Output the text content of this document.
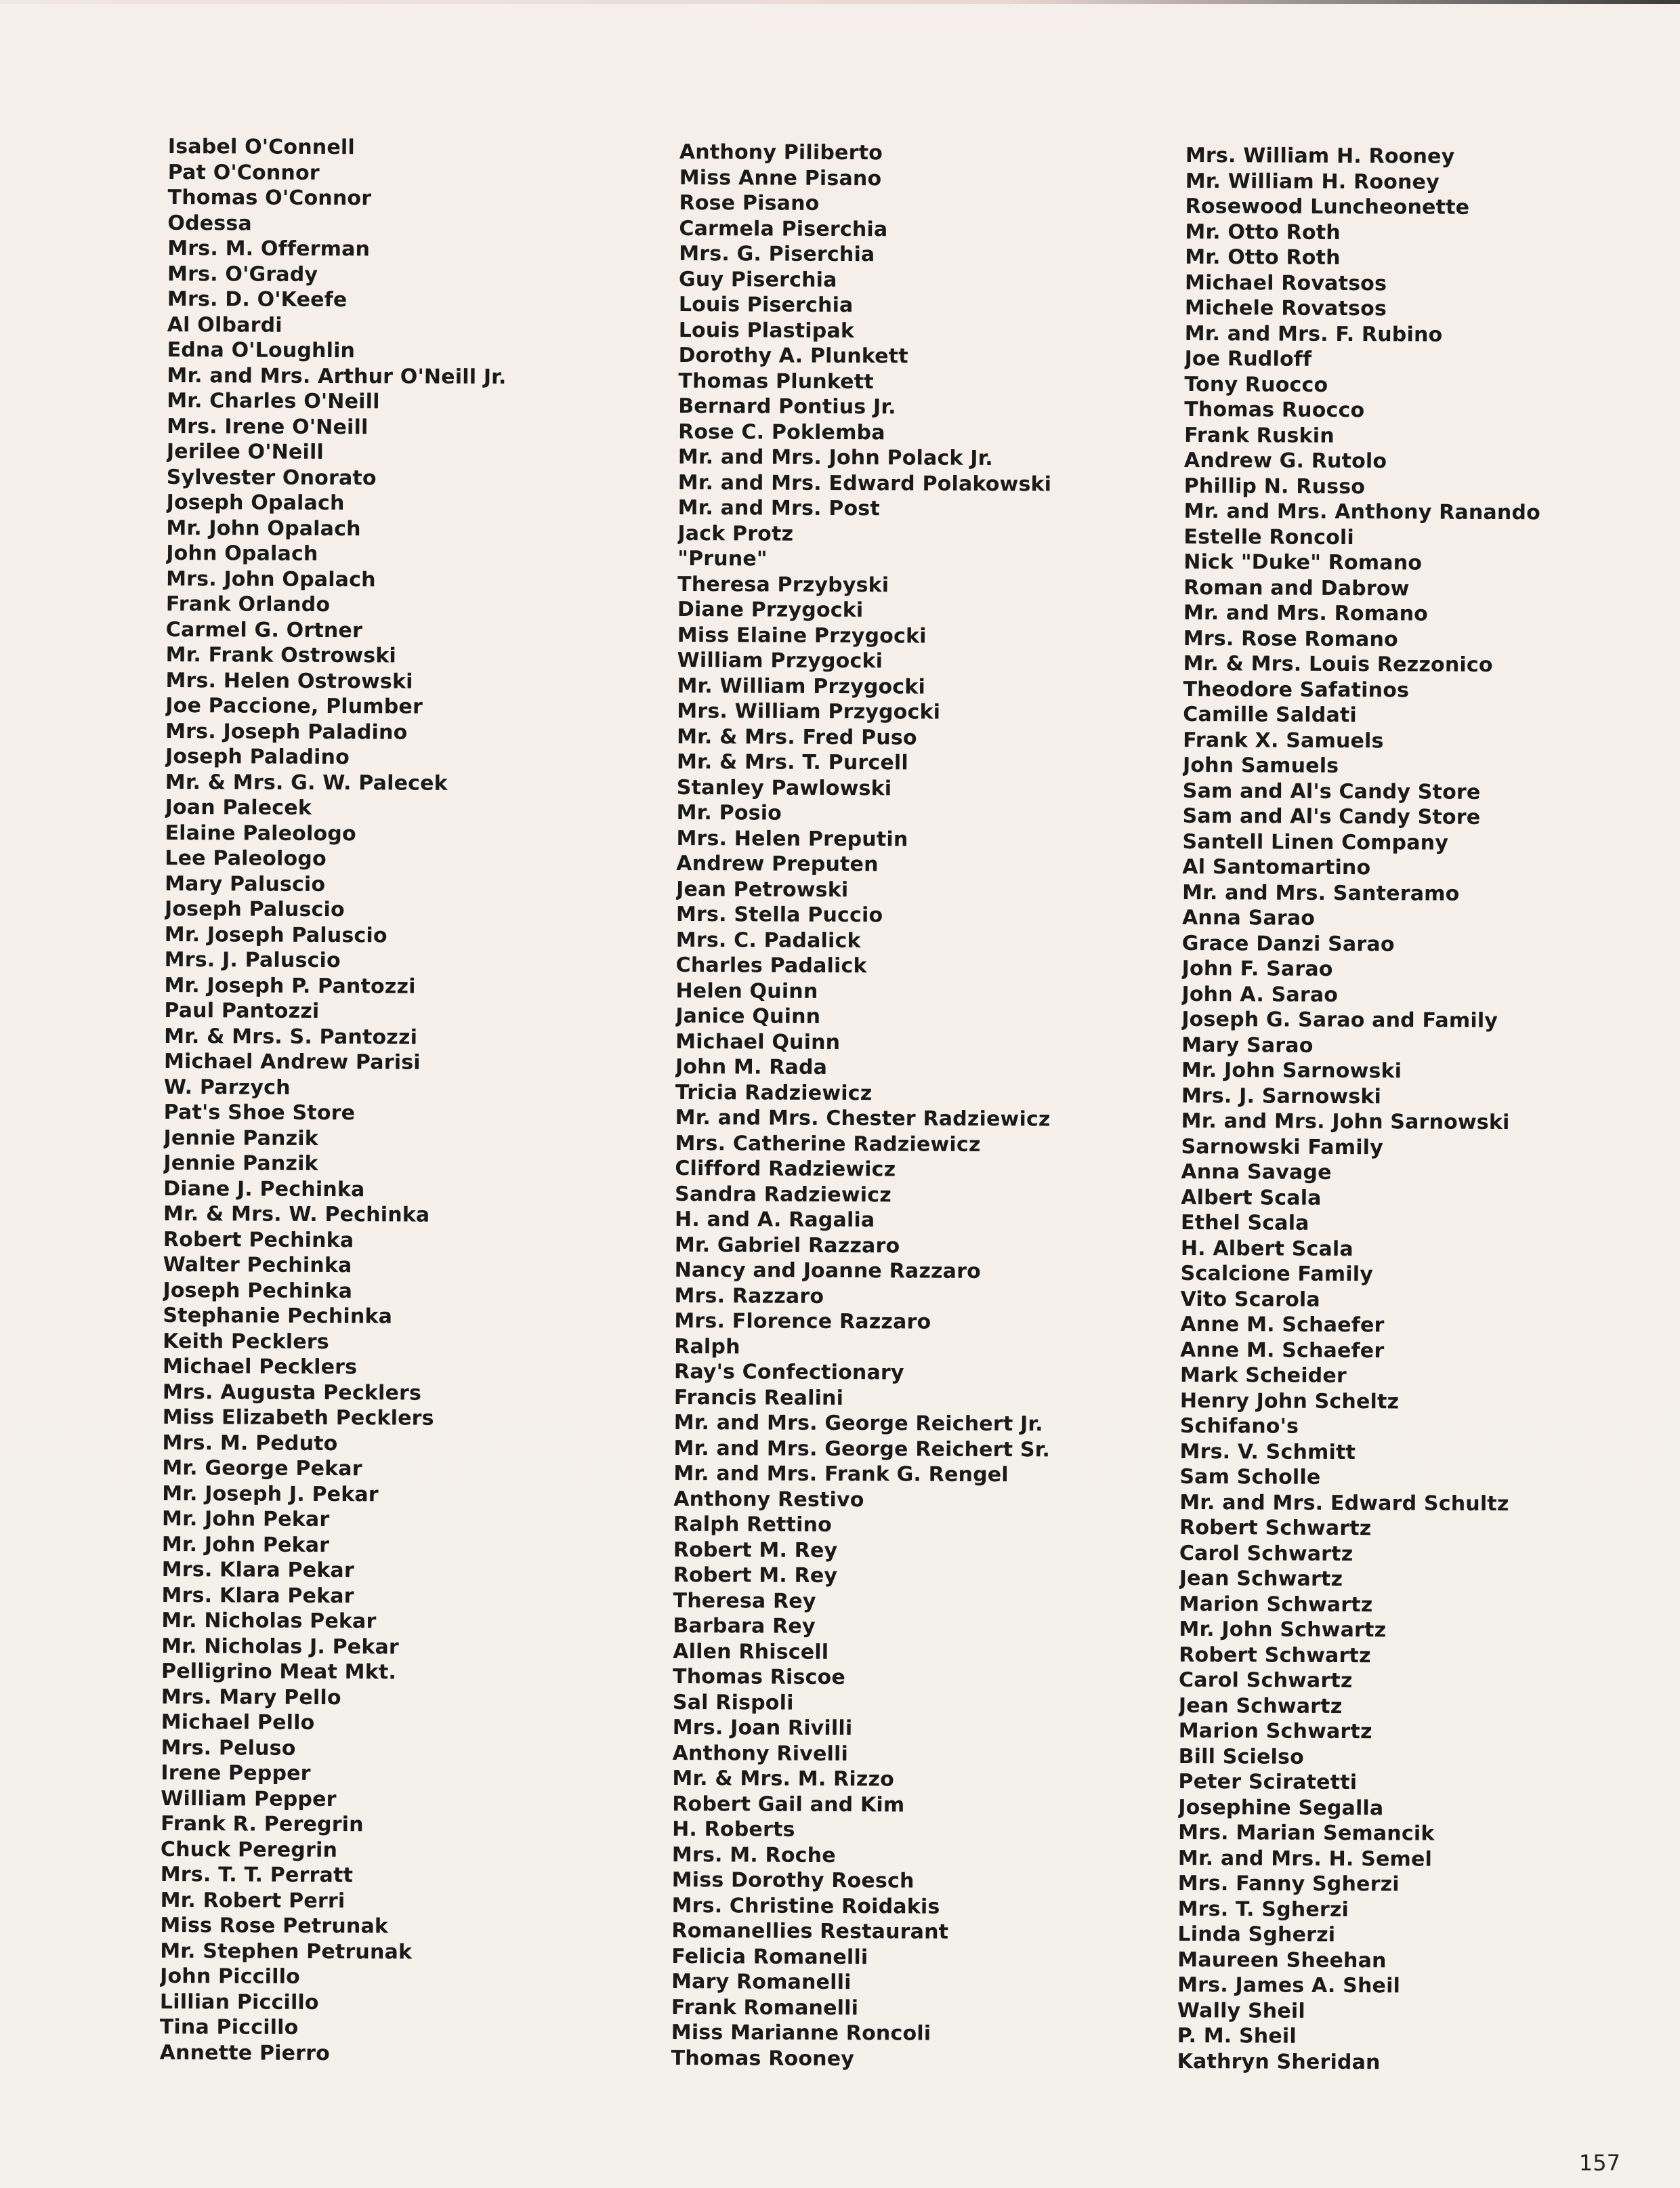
Isabel O'Connell
Pat O'Connor
Thomas O'Connor
Odessa
Mrs. M. Offerman
Mrs. O'Grady
Mrs. D. O'Keefe
Al Olbardi
Edna O'Loughlin
Mr. and Mrs. Arthur O'Neill Jr.
Mr. Charles O'Neill
Mrs. Irene O'Neill
Jerilee O'Neill
Sylvester Onorato
Joseph Opalach
Mr. John Opalach
John Opalach
Mrs. John Opalach
Frank Orlando
Carmel G. Ortner
Mr. Frank Ostrowski
Mrs. Helen Ostrowski
Joe Paccione, Plumber
Mrs. Joseph Paladino
Joseph Paladino
Mr. & Mrs. G. W. Palecek
Joan Palecek
Elaine Paleologo
Lee Paleologo
Mary Paluscio
Joseph Paluscio
Mr. Joseph Paluscio
Mrs. J. Paluscio
Mr. Joseph P. Pantozzi
Paul Pantozzi
Mr. & Mrs. S. Pantozzi
Michael Andrew Parisi
W. Parzych
Pat's Shoe Store
Jennie Panzik
Jennie Panzik
Diane J. Pechinka
Mr. & Mrs. W. Pechinka
Robert Pechinka
Walter Pechinka
Joseph Pechinka
Stephanie Pechinka
Keith Pecklers
Michael Pecklers
Mrs. Augusta Pecklers
Miss Elizabeth Pecklers
Mrs. M. Peduto
Mr. George Pekar
Mr. Joseph J. Pekar
Mr. John Pekar
Mr. John Pekar
Mrs. Klara Pekar
Mrs. Klara Pekar
Mr. Nicholas Pekar
Mr. Nicholas J. Pekar
Pelligrino Meat Mkt.
Mrs. Mary Pello
Michael Pello
Mrs. Peluso
Irene Pepper
William Pepper
Frank R. Peregrin
Chuck Peregrin
Mrs. T. T. Perratt
Mr. Robert Perri
Miss Rose Petrunak
Mr. Stephen Petrunak
John Piccillo
Lillian Piccillo
Tina Piccillo
Annette Pierro
Anthony Piliberto
Miss Anne Pisano
Rose Pisano
Carmela Piserchia
Mrs. G. Piserchia
Guy Piserchia
Louis Piserchia
Louis Plastipak
Dorothy A. Plunkett
Thomas Plunkett
Bernard Pontius Jr.
Rose C. Poklemba
Mr. and Mrs. John Polack Jr.
Mr. and Mrs. Edward Polakowski
Mr. and Mrs. Post
Jack Protz
"Prune"
Theresa Przybyski
Diane Przygocki
Miss Elaine Przygocki
William Przygocki
Mr. William Przygocki
Mrs. William Przygocki
Mr. & Mrs. Fred Puso
Mr. & Mrs. T. Purcell
Stanley Pawlowski
Mr. Posio
Mrs. Helen Preputin
Andrew Preputen
Jean Petrowski
Mrs. Stella Puccio
Mrs. C. Padalick
Charles Padalick
Helen Quinn
Janice Quinn
Michael Quinn
John M. Rada
Tricia Radziewicz
Mr. and Mrs. Chester Radziewicz
Mrs. Catherine Radziewicz
Clifford Radziewicz
Sandra Radziewicz
H. and A. Ragalia
Mr. Gabriel Razzaro
Nancy and Joanne Razzaro
Mrs. Razzaro
Mrs. Florence Razzaro
Ralph
Ray's Confectionary
Francis Realini
Mr. and Mrs. George Reichert Jr.
Mr. and Mrs. George Reichert Sr.
Mr. and Mrs. Frank G. Rengel
Anthony Restivo
Ralph Rettino
Robert M. Rey
Robert M. Rey
Theresa Rey
Barbara Rey
Allen Rhiscell
Thomas Riscoe
Sal Rispoli
Mrs. Joan Rivilli
Anthony Rivelli
Mr. & Mrs. M. Rizzo
Robert Gail and Kim
H. Roberts
Mrs. M. Roche
Miss Dorothy Roesch
Mrs. Christine Roidakis
Romanellies Restaurant
Felicia Romanelli
Mary Romanelli
Frank Romanelli
Miss Marianne Roncoli
Thomas Rooney
Mrs. William H. Rooney
Mr. William H. Rooney
Rosewood Luncheonette
Mr. Otto Roth
Mr. Otto Roth
Michael Rovatsos
Michele Rovatsos
Mr. and Mrs. F. Rubino
Joe Rudloff
Tony Ruocco
Thomas Ruocco
Frank Ruskin
Andrew G. Rutolo
Phillip N. Russo
Mr. and Mrs. Anthony Ranando
Estelle Roncoli
Nick "Duke" Romano
Roman and Dabrow
Mr. and Mrs. Romano
Mrs. Rose Romano
Mr. & Mrs. Louis Rezzonico
Theodore Safatinos
Camille Saldati
Frank X. Samuels
John Samuels
Sam and Al's Candy Store
Sam and Al's Candy Store
Santell Linen Company
Al Santomartino
Mr. and Mrs. Santeramo
Anna Sarao
Grace Danzi Sarao
John F. Sarao
John A. Sarao
Joseph G. Sarao and Family
Mary Sarao
Mr. John Sarnowski
Mrs. J. Sarnowski
Mr. and Mrs. John Sarnowski
Sarnowski Family
Anna Savage
Albert Scala
Ethel Scala
H. Albert Scala
Scalcione Family
Vito Scarola
Anne M. Schaefer
Anne M. Schaefer
Mark Scheider
Henry John Scheltz
Schifano's
Mrs. V. Schmitt
Sam Scholle
Mr. and Mrs. Edward Schultz
Robert Schwartz
Carol Schwartz
Jean Schwartz
Marion Schwartz
Mr. John Schwartz
Robert Schwartz
Carol Schwartz
Jean Schwartz
Marion Schwartz
Bill Scielso
Peter Sciratetti
Josephine Segalla
Mrs. Marian Semancik
Mr. and Mrs. H. Semel
Mrs. Fanny Sgherzi
Mrs. T. Sgherzi
Linda Sgherzi
Maureen Sheehan
Mrs. James A. Sheil
Wally Sheil
P. M. Sheil
Kathryn Sheridan
157
